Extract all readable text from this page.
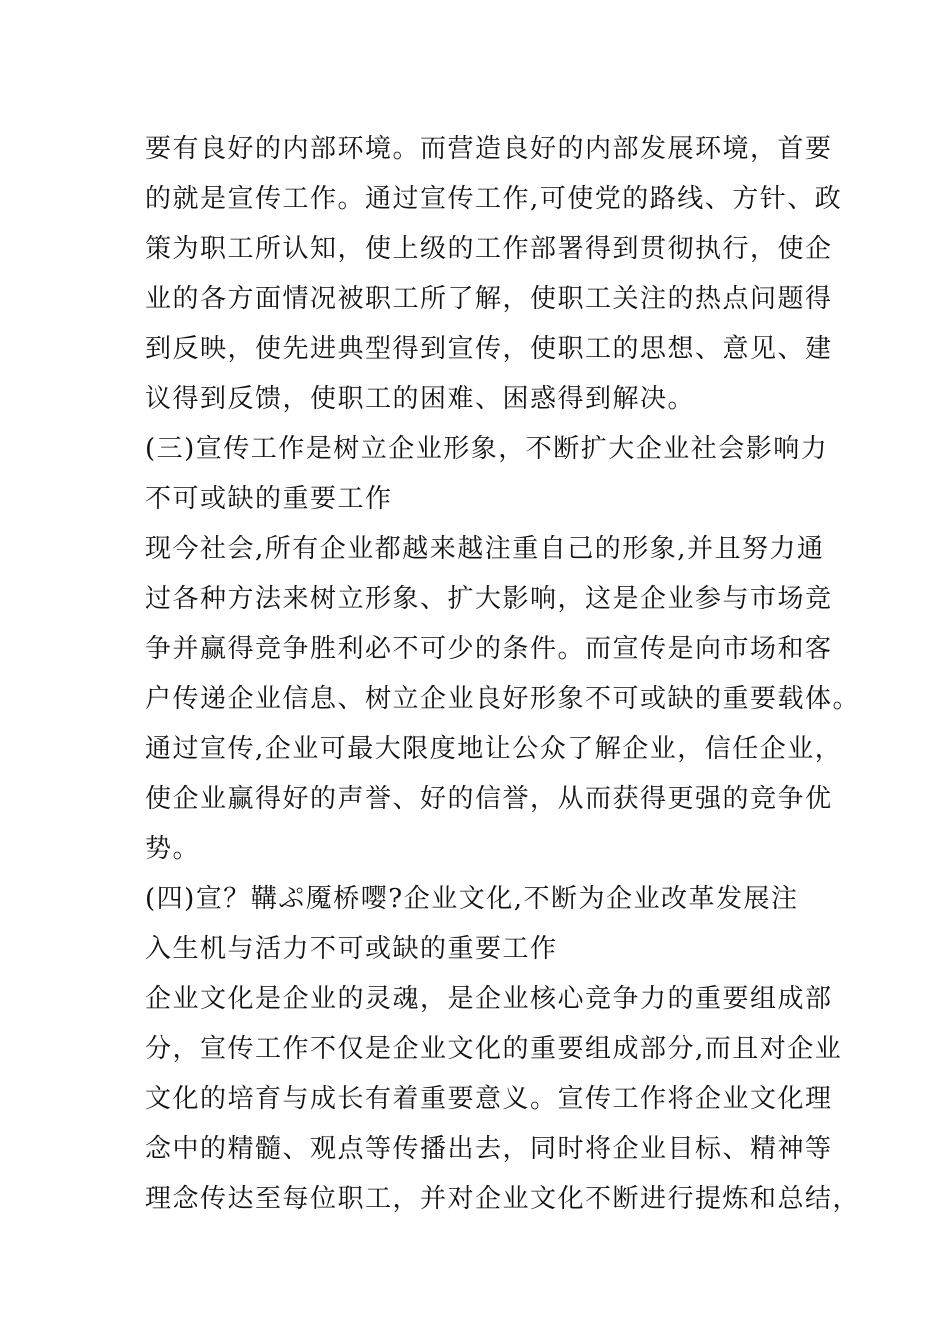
要有良好的内部环境。而营造良好的内部发展环境，首要
的就是宣传工作。通过宣传工作,可使党的路线、方针、政
策为职工所认知，使上级的工作部署得到贯彻执行，使企
业的各方面情况被职工所了解，使职工关注的热点问题得
到反映，使先进典型得到宣传，使职工的思想、意见、建
议得到反馈，使职工的困难、困惑得到解决。
(三)宣传工作是树立企业形象，不断扩大企业社会影响力
不可或缺的重要工作
现今社会,所有企业都越来越注重自己的形象,并且努力通
过各种方法来树立形象、扩大影响，这是企业参与市场竞
争并赢得竞争胜利必不可少的条件。而宣传是向市场和客
户传递企业信息、树立企业良好形象不可或缺的重要载体。
通过宣传,企业可最大限度地让公众了解企业，信任企业，
使企业赢得好的声誉、好的信誉，从而获得更强的竞争优
势。
(四)宣？鞲ぷ魇桥嘤?企业文化,不断为企业改革发展注
入生机与活力不可或缺的重要工作
企业文化是企业的灵魂，是企业核心竞争力的重要组成部
分，宣传工作不仅是企业文化的重要组成部分,而且对企业
文化的培育与成长有着重要意义。宣传工作将企业文化理
念中的精髓、观点等传播出去，同时将企业目标、精神等
理念传达至每位职工，并对企业文化不断进行提炼和总结，
